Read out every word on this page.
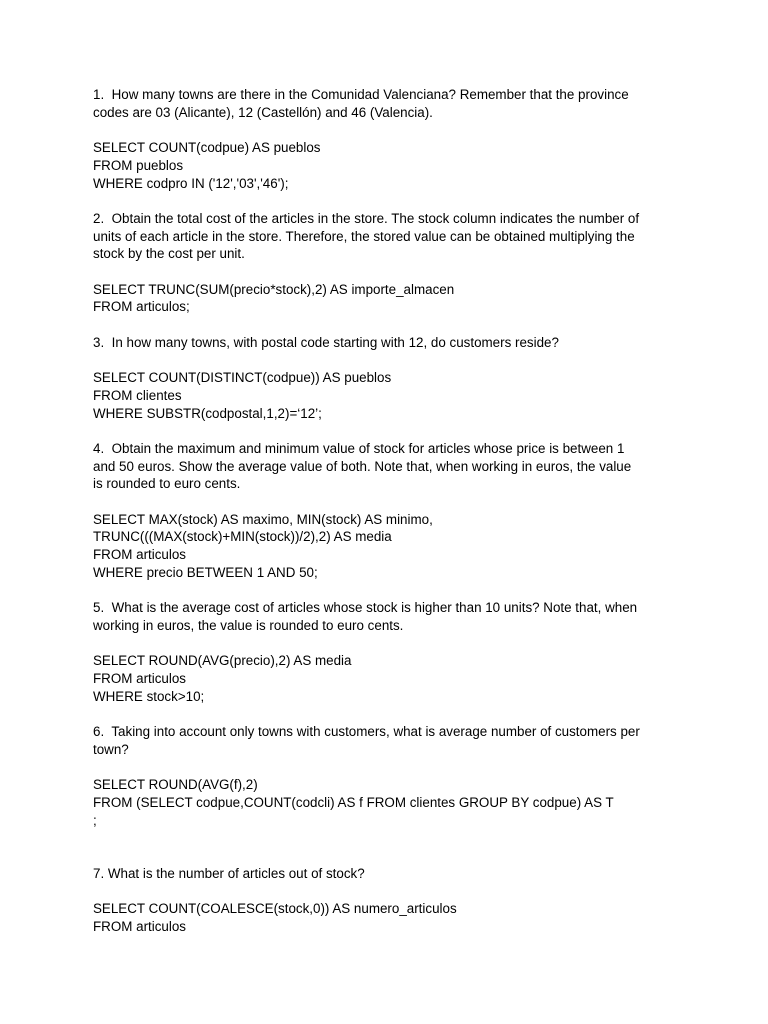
1.  How many towns are there in the Comunidad Valenciana? Remember that the province
codes are 03 (Alicante), 12 (Castellón) and 46 (Valencia).
SELECT COUNT(codpue) AS pueblos
FROM pueblos
WHERE codpro IN ('12','03','46');
2.  Obtain the total cost of the articles in the store. The stock column indicates the number of
units of each article in the store. Therefore, the stored value can be obtained multiplying the
stock by the cost per unit.
SELECT TRUNC(SUM(precio*stock),2) AS importe_almacen
FROM articulos;
3.  In how many towns, with postal code starting with 12, do customers reside?
SELECT COUNT(DISTINCT(codpue)) AS pueblos
FROM clientes
WHERE SUBSTR(codpostal,1,2)=‘12’;
4.  Obtain the maximum and minimum value of stock for articles whose price is between 1
and 50 euros. Show the average value of both. Note that, when working in euros, the value
is rounded to euro cents.
SELECT MAX(stock) AS maximo, MIN(stock) AS minimo,
TRUNC(((MAX(stock)+MIN(stock))/2),2) AS media
FROM articulos
WHERE precio BETWEEN 1 AND 50;
5.  What is the average cost of articles whose stock is higher than 10 units? Note that, when
working in euros, the value is rounded to euro cents.
SELECT ROUND(AVG(precio),2) AS media
FROM articulos
WHERE stock>10;
6.  Taking into account only towns with customers, what is average number of customers per
town?
SELECT ROUND(AVG(f),2)
FROM (SELECT codpue,COUNT(codcli) AS f FROM clientes GROUP BY codpue) AS T
;
7. What is the number of articles out of stock?
SELECT COUNT(COALESCE(stock,0)) AS numero_articulos
FROM articulos
